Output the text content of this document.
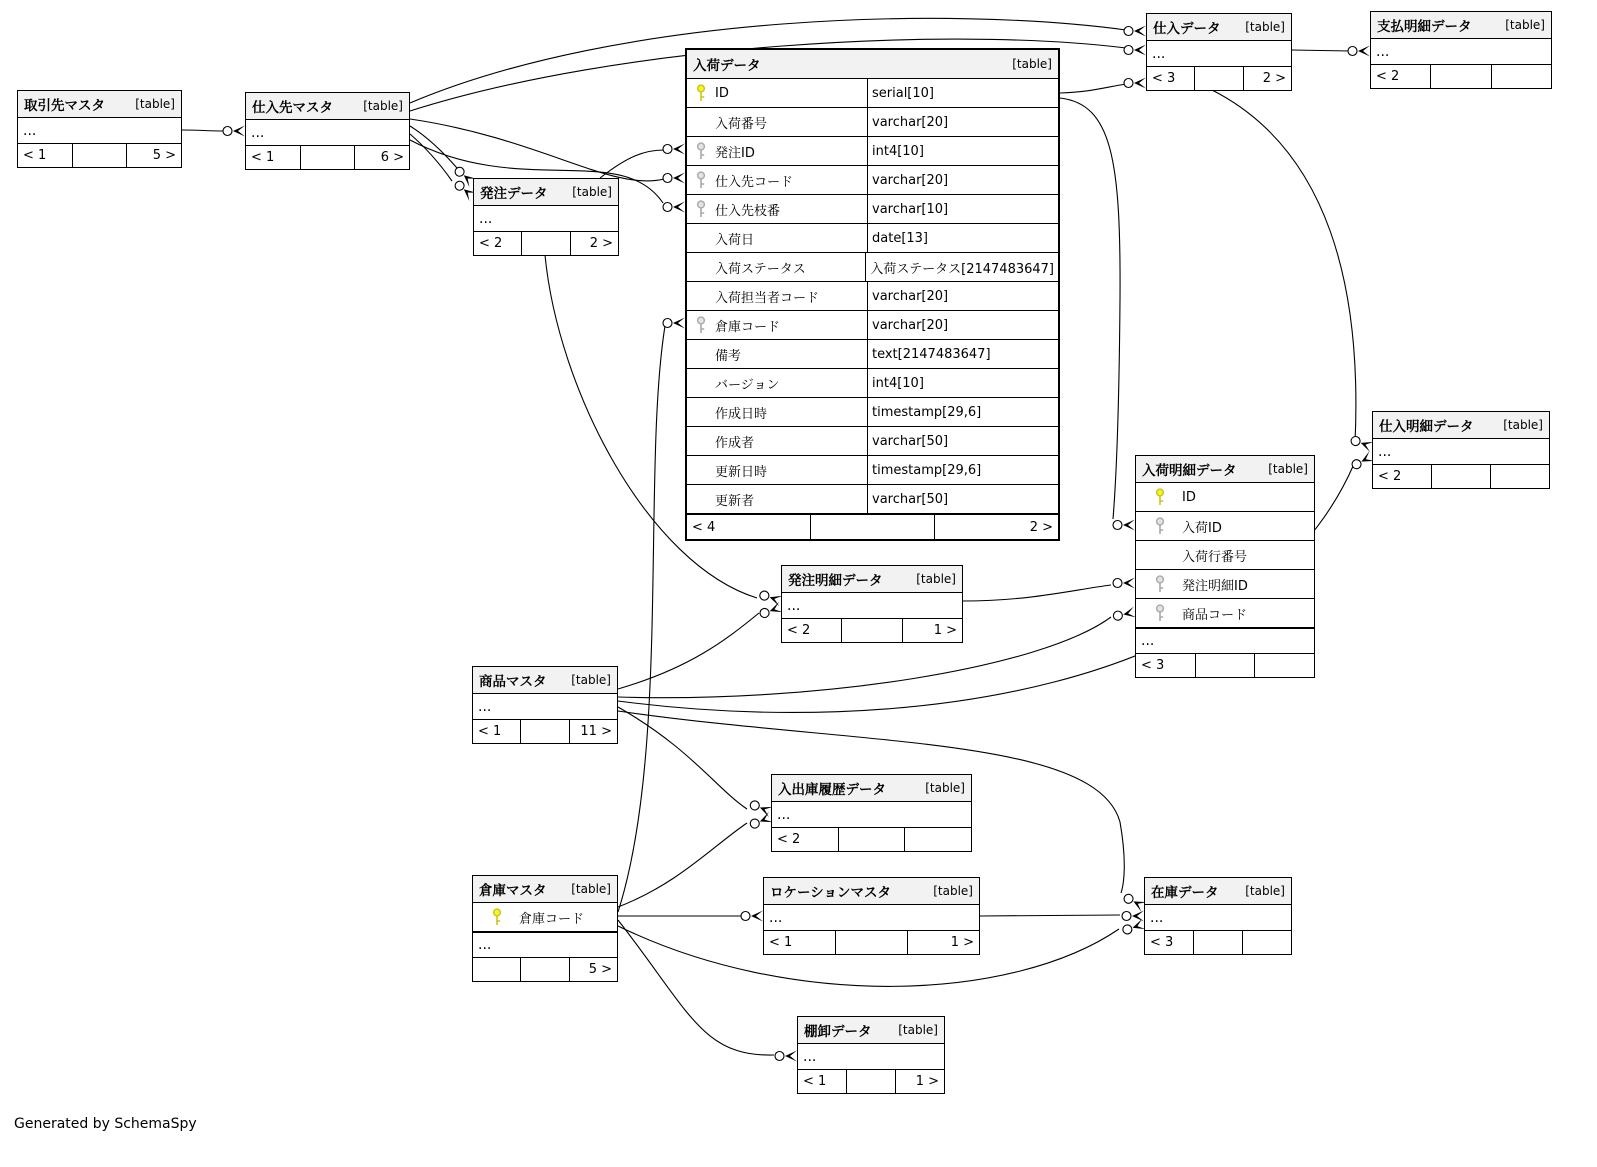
取引先マスタ	[table]
...
< 1	5 >
仕入先マスタ	[table]
...
< 1	6 >
発注データ [table]
...
< 2	2 >
入荷データ	[table]
ID	serial[10]
入荷番号	varchar[20]
発注ID	int4[10]
仕入先コード	varchar[20]
仕入先枝番	varchar[10]
入荷日	date[13]
入荷ステータス	入荷ステータス[2147483647]
入荷担当者コード	varchar[20]
倉庫コード	varchar[20]
備考	text[2147483647]
バージョン	int4[10]
作成日時	timestamp[29,6]
作成者	varchar[50]
更新日時	timestamp[29,6]
更新者	varchar[50]
< 4	2 >
仕入データ [table]
...
< 3	2 >
支払明細データ	[table]
...
< 2
仕入明細データ [table]
...
< 2
入荷明細データ	[table]
ID
入荷ID
入荷行番号
発注明細ID
商品コード
...
< 3
発注明細データ	[table]
...
< 2	1 >
商品マスタ [table]
...
< 1	11 >
入出庫履歴データ	[table]
...
< 2
倉庫マスタ [table]
倉庫コード
...
5 >
ロケーションマスタ	[table]
...
< 1	1 >
在庫データ [table]
...
< 3
棚卸データ [table]
...
< 1	1 >
Generated by SchemaSpy
